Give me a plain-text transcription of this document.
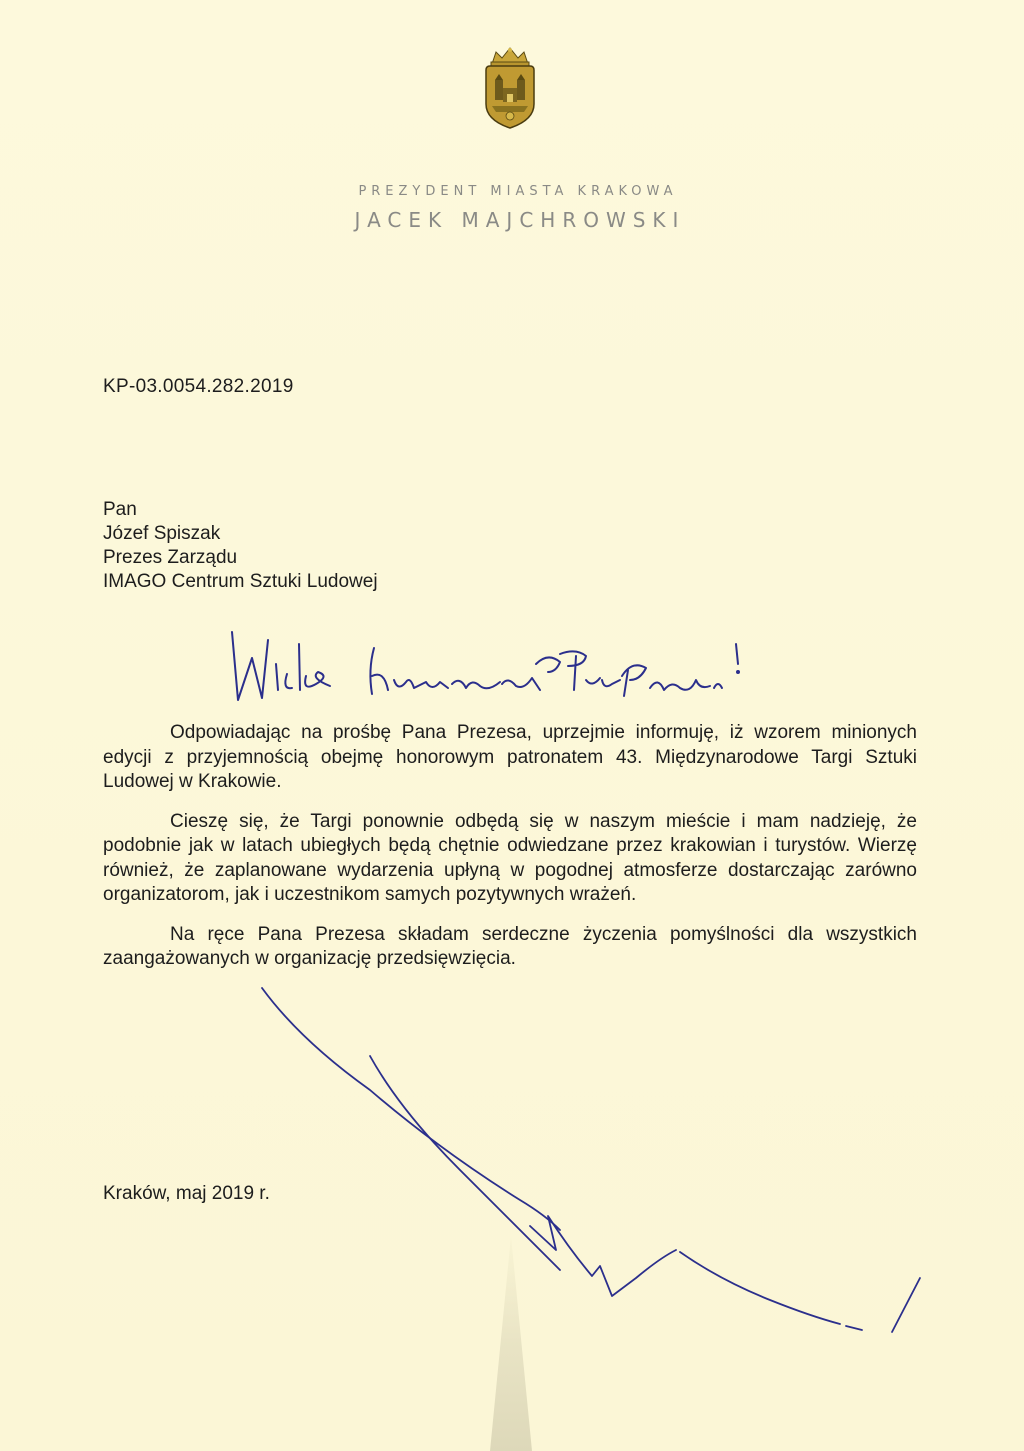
PREZYDENT MIASTA KRAKOWA
JACEK MAJCHROWSKI
KP-03.0054.282.2019
Pan
Józef Spiszak
Prezes Zarządu
IMAGO Centrum Sztuki Ludowej

Odpowiadając na prośbę Pana Prezesa, uprzejmie informuję, iż wzorem minionych edycji z przyjemnością obejmę honorowym patronatem 43. Międzynarodowe Targi Sztuki Ludowej w Krakowie.

Cieszę się, że Targi ponownie odbędą się w naszym mieście i mam nadzieję, że podobnie jak w latach ubiegłych będą chętnie odwiedzane przez krakowian i turystów. Wierzę również, że zaplanowane wydarzenia upłyną w pogodnej atmosferze dostarczając zarówno organizatorom, jak i uczestnikom samych pozytywnych wrażeń.

Na ręce Pana Prezesa składam serdeczne życzenia pomyślności dla wszystkich zaangażowanych w organizację przedsięwzięcia.

Kraków, maj 2019 r.
